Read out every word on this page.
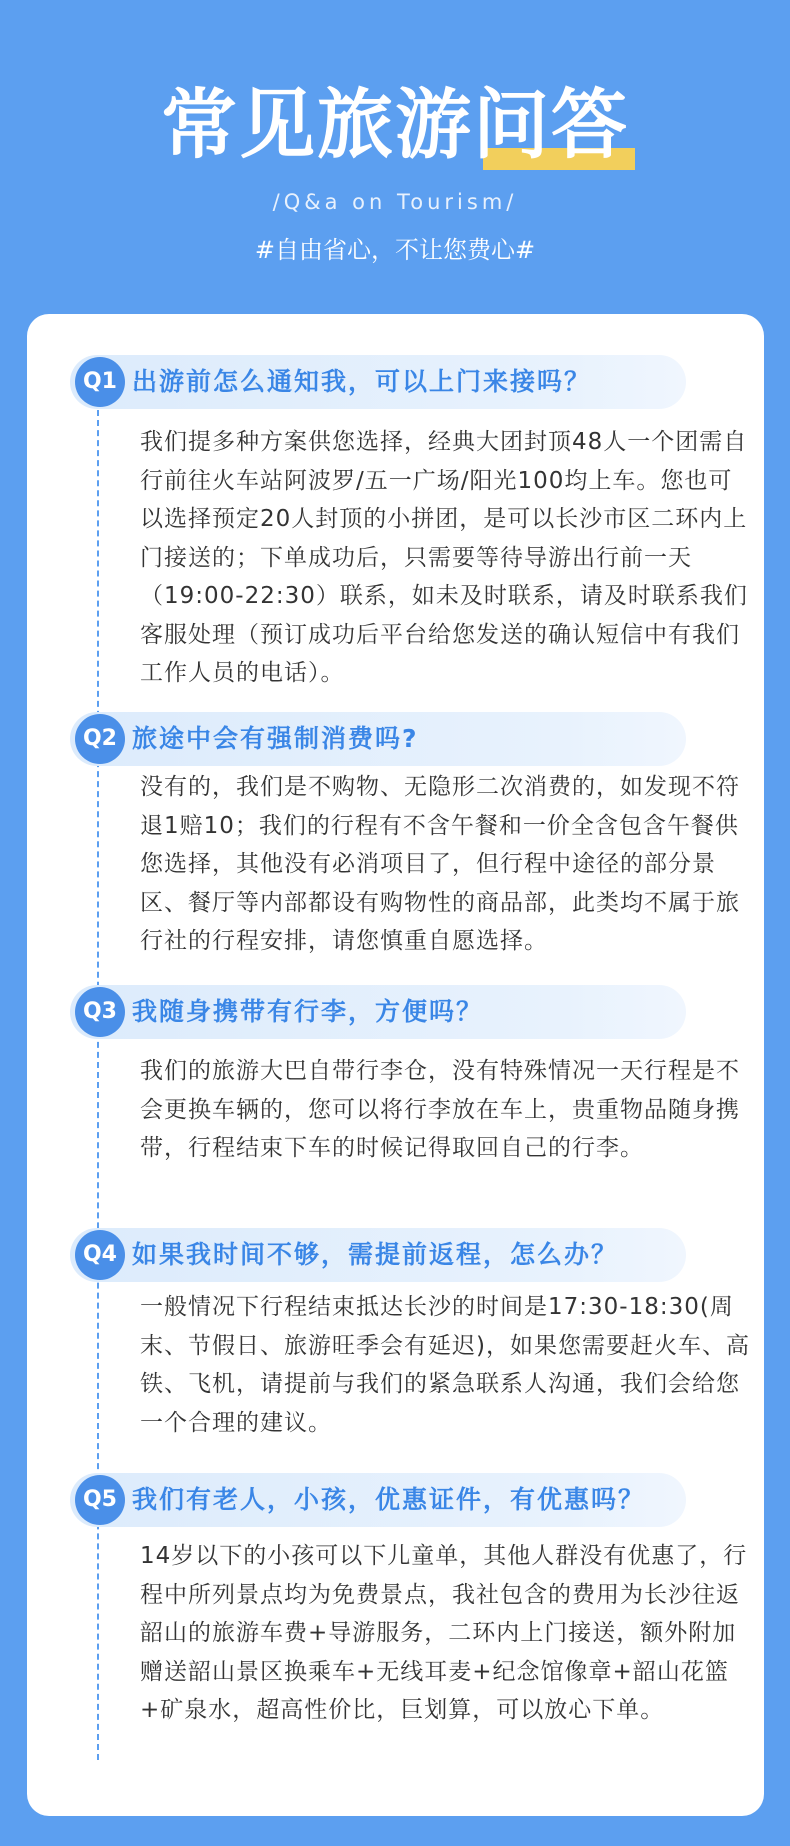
常见旅游问答
/Q&a on Tourism/
#自由省心，不让您费心#
Q1 出游前怎么通知我，可以上门来接吗？
我们提多种方案供您选择，经典大团封顶48人一个团需自行前往火车站阿波罗/五一广场/阳光100均上车。您也可以选择预定20人封顶的小拼团，是可以长沙市区二环内上门接送的；下单成功后，只需要等待导游出行前一天（19:00-22:30）联系，如未及时联系，请及时联系我们客服处理（预订成功后平台给您发送的确认短信中有我们工作人员的电话）。
Q2 旅途中会有强制消费吗?
没有的，我们是不购物、无隐形二次消费的，如发现不符退1赔10；我们的行程有不含午餐和一价全含包含午餐供您选择，其他没有必消项目了，但行程中途径的部分景区、餐厅等内部都设有购物性的商品部，此类均不属于旅行社的行程安排，请您慎重自愿选择。
Q3 我随身携带有行李，方便吗？
我们的旅游大巴自带行李仓，没有特殊情况一天行程是不会更换车辆的，您可以将行李放在车上，贵重物品随身携带，行程结束下车的时候记得取回自己的行李。
Q4 如果我时间不够，需提前返程，怎么办？
一般情况下行程结束抵达长沙的时间是17:30-18:30(周末、节假日、旅游旺季会有延迟)，如果您需要赶火车、高铁、飞机，请提前与我们的紧急联系人沟通，我们会给您一个合理的建议。
Q5 我们有老人，小孩，优惠证件，有优惠吗？
14岁以下的小孩可以下儿童单，其他人群没有优惠了，行程中所列景点均为免费景点，我社包含的费用为长沙往返韶山的旅游车费+导游服务，二环内上门接送，额外附加赠送韶山景区换乘车+无线耳麦+纪念馆像章+韶山花篮+矿泉水，超高性价比，巨划算，可以放心下单。
